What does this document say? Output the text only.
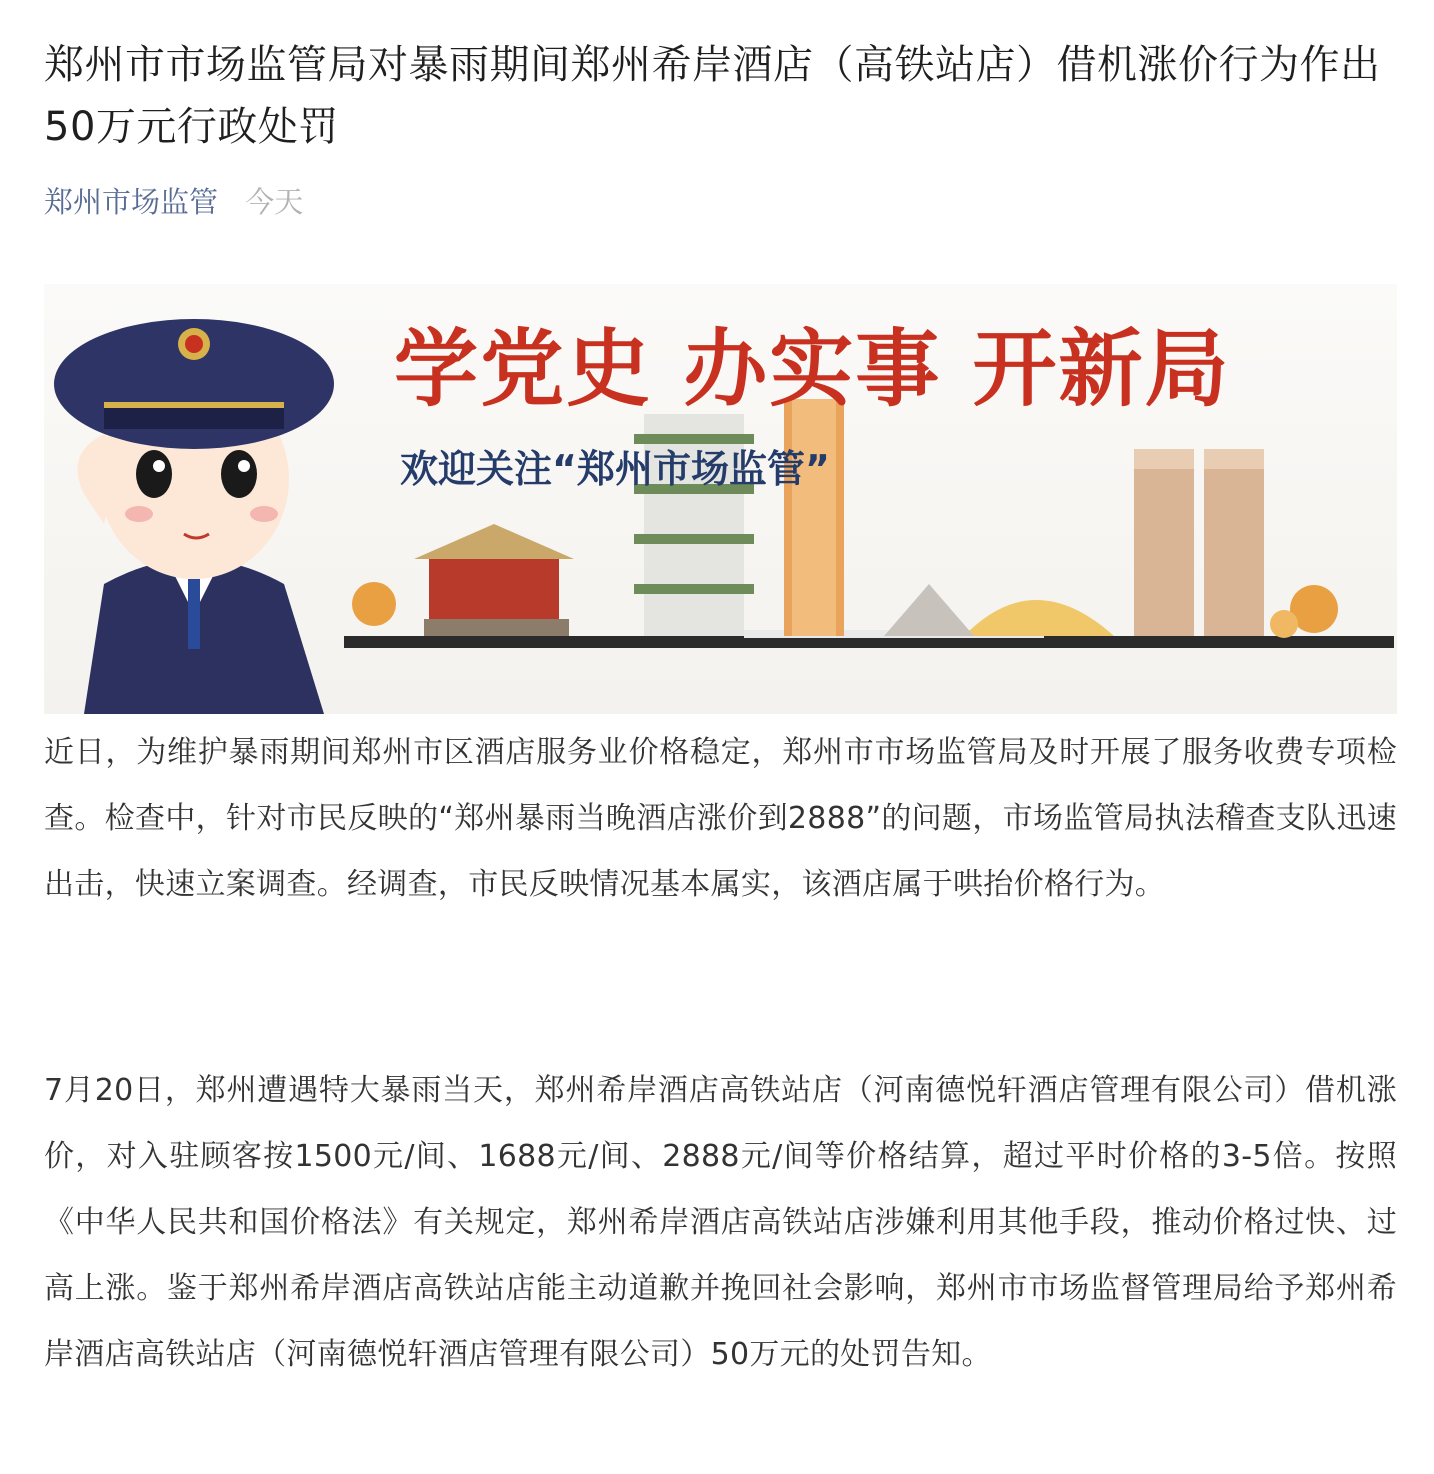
郑州市市场监管局对暴雨期间郑州希岸酒店（高铁站店）借机涨价行为作出50万元行政处罚
郑州市场监管 今天
学党史 办实事 开新局
欢迎关注“郑州市场监管”

近日，为维护暴雨期间郑州市区酒店服务业价格稳定，郑州市市场监管局及时开展了服务收费专项检查。检查中，针对市民反映的“郑州暴雨当晚酒店涨价到2888”的问题，市场监管局执法稽查支队迅速出击，快速立案调查。经调查，市民反映情况基本属实，该酒店属于哄抬价格行为。

7月20日，郑州遭遇特大暴雨当天，郑州希岸酒店高铁站店（河南德悦轩酒店管理有限公司）借机涨价，对入驻顾客按1500元/间、1688元/间、2888元/间等价格结算，超过平时价格的3-5倍。按照《中华人民共和国价格法》有关规定，郑州希岸酒店高铁站店涉嫌利用其他手段，推动价格过快、过高上涨。鉴于郑州希岸酒店高铁站店能主动道歉并挽回社会影响，郑州市市场监督管理局给予郑州希岸酒店高铁站店（河南德悦轩酒店管理有限公司）50万元的处罚告知。
